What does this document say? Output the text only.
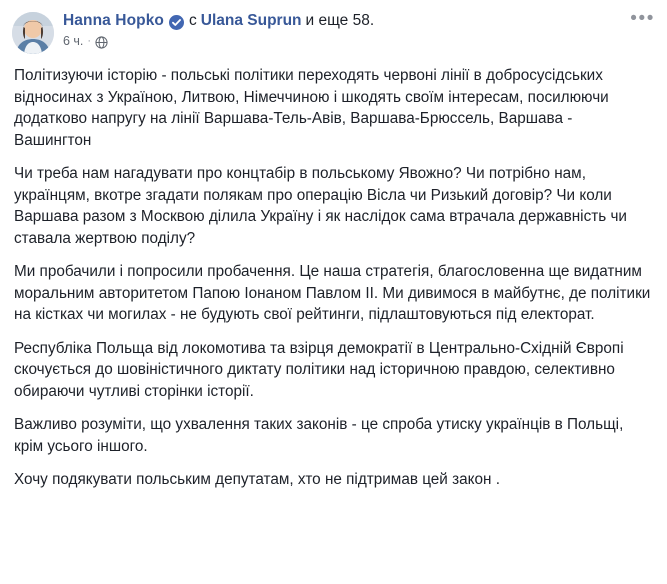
Hanna Hopko с Ulana Suprun и еще 58.
6 ч. ·
•••

Політизуючи історію - польські політики переходять червоні лінії в добросусідських відносинах з Україною, Литвою, Німеччиною і шкодять своїм інтересам, посилюючи додатково напругу на лінії Варшава-Тель-Авів, Варшава-Брюссель, Варшава - Вашингтон

Чи треба нам нагадувати про концтабір в польському Явожно? Чи потрібно нам, українцям, вкотре згадати полякам про операцію Вісла чи Ризький договір? Чи коли Варшава разом з Москвою ділила Україну і як наслідок сама втрачала державність чи ставала жертвою поділу?

Ми пробачили і попросили пробачення. Це наша стратегія, благословенна ще видатним моральним авторитетом Папою Іонаном Павлом II. Ми дивимося в майбутнє, де політики на кістках чи могилах - не будують свої рейтинги, підлаштовуються під електорат.

Республіка Польща від локомотива та взірця демократії в Центрально-Східній Європі скочується до шовіністичного диктату політики над історичною правдою, селективно обираючи чутливі сторінки історії.

Важливо розуміти, що ухвалення таких законів - це спроба утиску українців в Польщі, крім усього іншого.

Хочу подякувати польським депутатам, хто не підтримав цей закон .
